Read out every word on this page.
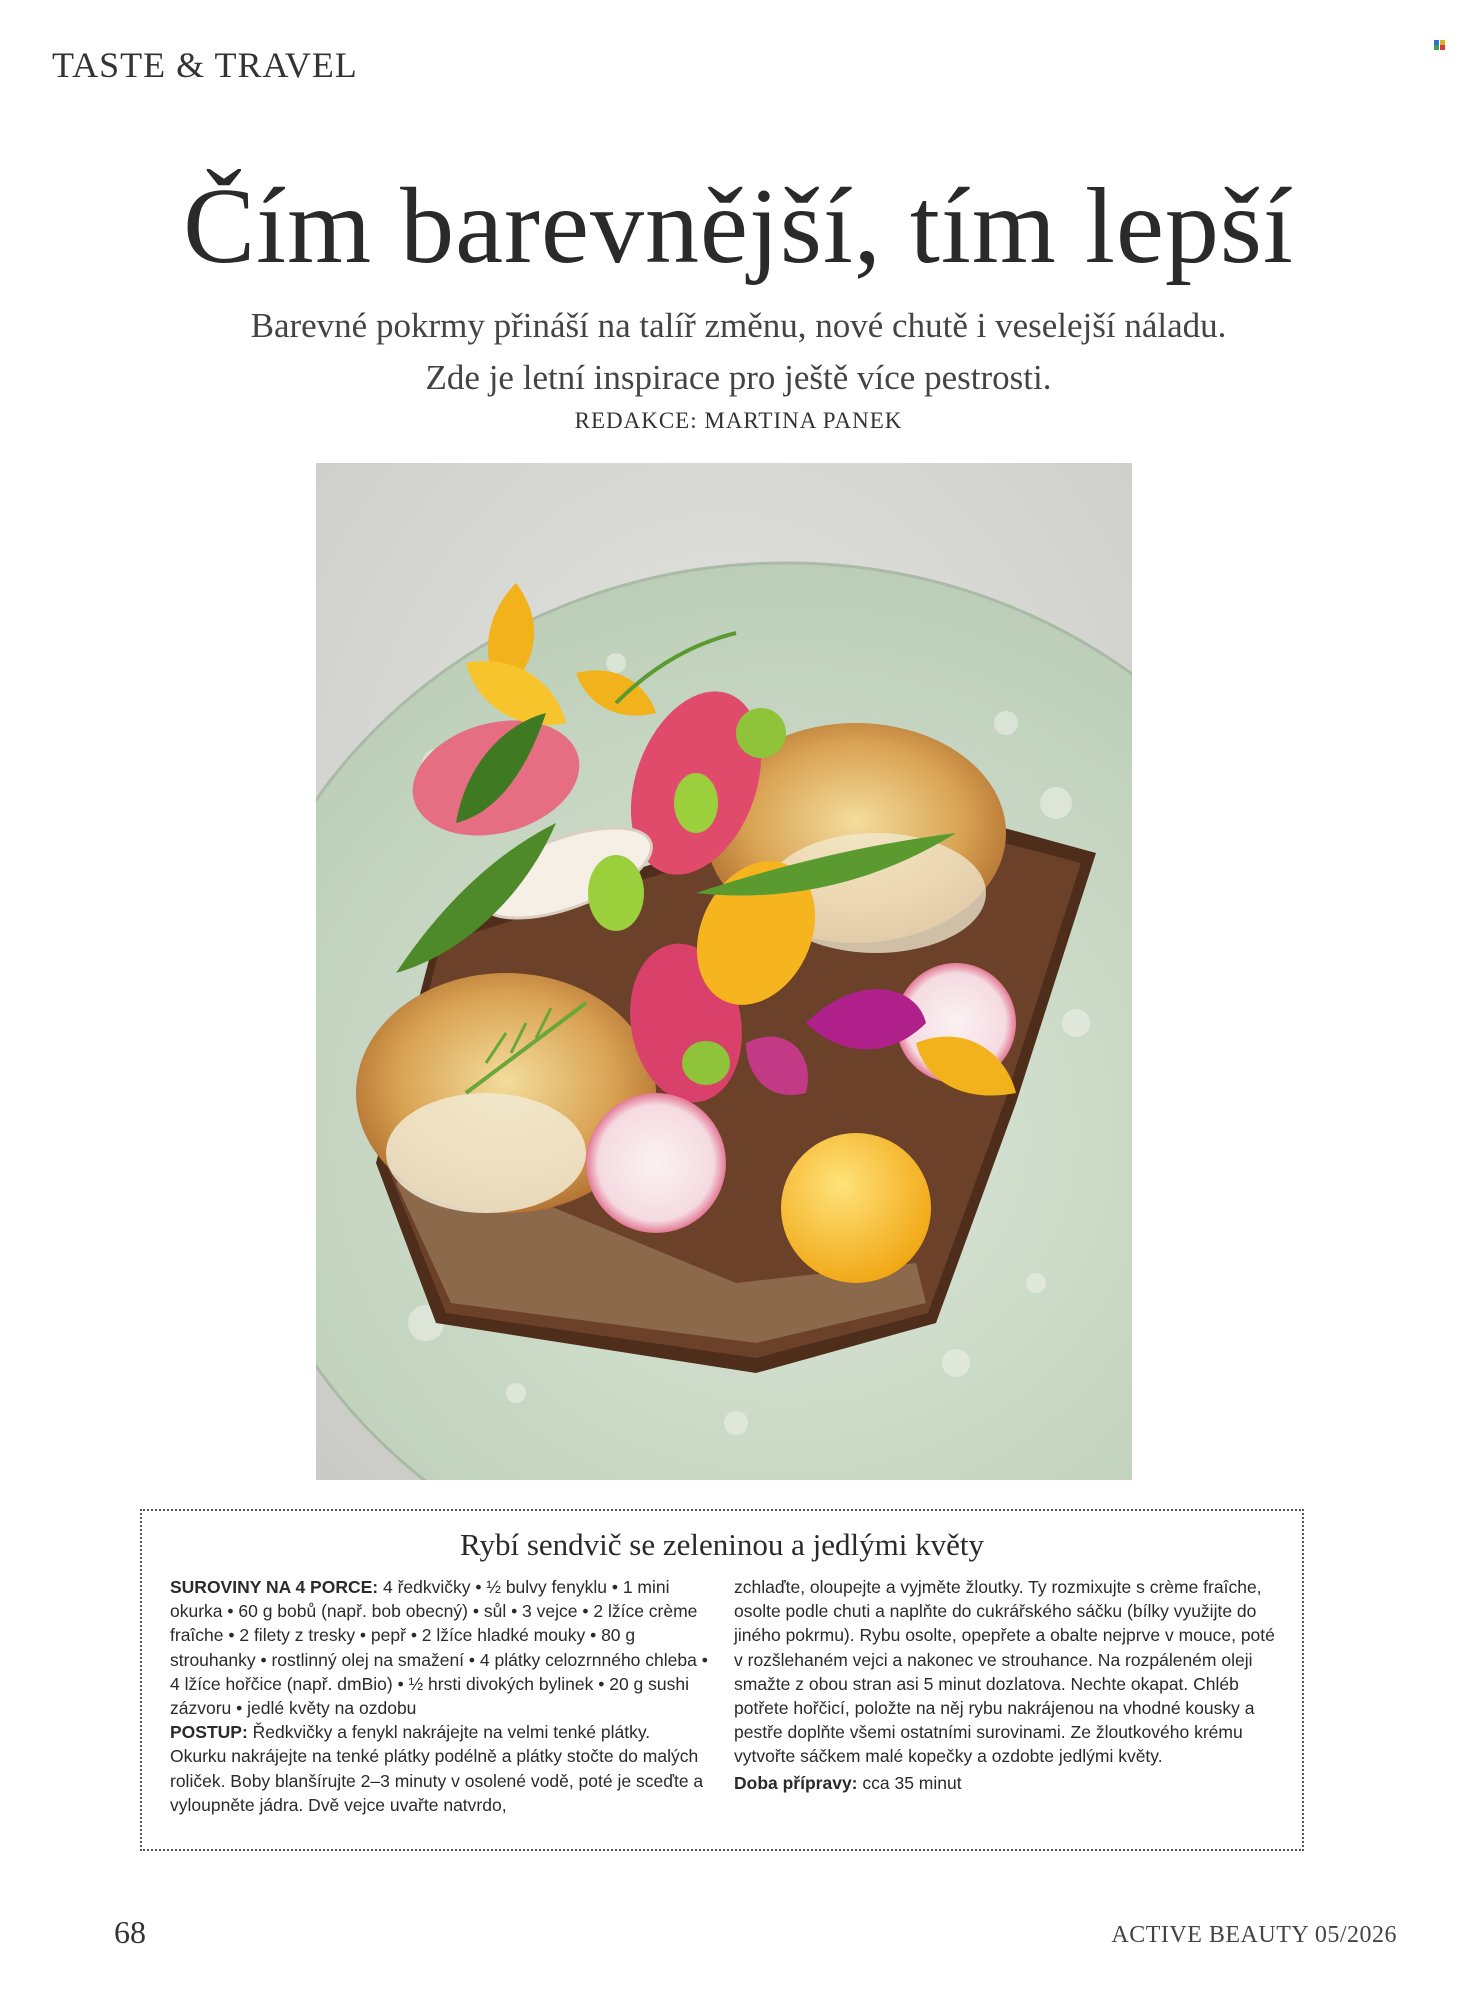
TASTE & TRAVEL
Čím barevnější, tím lepší
Barevné pokrmy přináší na talíř změnu, nové chutě i veselejší náladu.
Zde je letní inspirace pro ještě více pestrosti.
REDAKCE: MARTINA PANEK
Rybí sendvič se zeleninou a jedlými květy

SUROVINY NA 4 PORCE: 4 ředkvičky • ½ bulvy fenyklu • 1 mini okurka • 60 g bobů (např. bob obecný) • sůl • 3 vejce • 2 lžíce crème fraîche • 2 filety z tresky • pepř • 2 lžíce hladké mouky • 80 g strouhanky • rostlinný olej na smažení • 4 plátky celozrnného chleba • 4 lžíce hořčice (např. dmBio) • ½ hrsti divokých bylinek • 20 g sushi zázvoru • jedlé květy na ozdobu

POSTUP: Ředkvičky a fenykl nakrájejte na velmi tenké plátky. Okurku nakrájejte na tenké plátky podélně a plátky stočte do malých roliček. Boby blanšírujte 2–3 minuty v osolené vodě, poté je sceďte a vyloupněte jádra. Dvě vejce uvařte natvrdo,

zchlaďte, oloupejte a vyjměte žloutky. Ty rozmixujte s crème fraîche, osolte podle chuti a naplňte do cukrářského sáčku (bílky využijte do jiného pokrmu). Rybu osolte, opepřete a obalte nejprve v mouce, poté v rozšlehaném vejci a nakonec ve strouhance. Na rozpáleném oleji smažte z obou stran asi 5 minut dozlatova. Nechte okapat. Chléb potřete hořčicí, položte na něj rybu nakrájenou na vhodné kousky a pestře doplňte všemi ostatními surovinami. Ze žloutkového krému vytvořte sáčkem malé kopečky a ozdobte jedlými květy.

Doba přípravy: cca 35 minut

68	ACTIVE BEAUTY 05/2026
